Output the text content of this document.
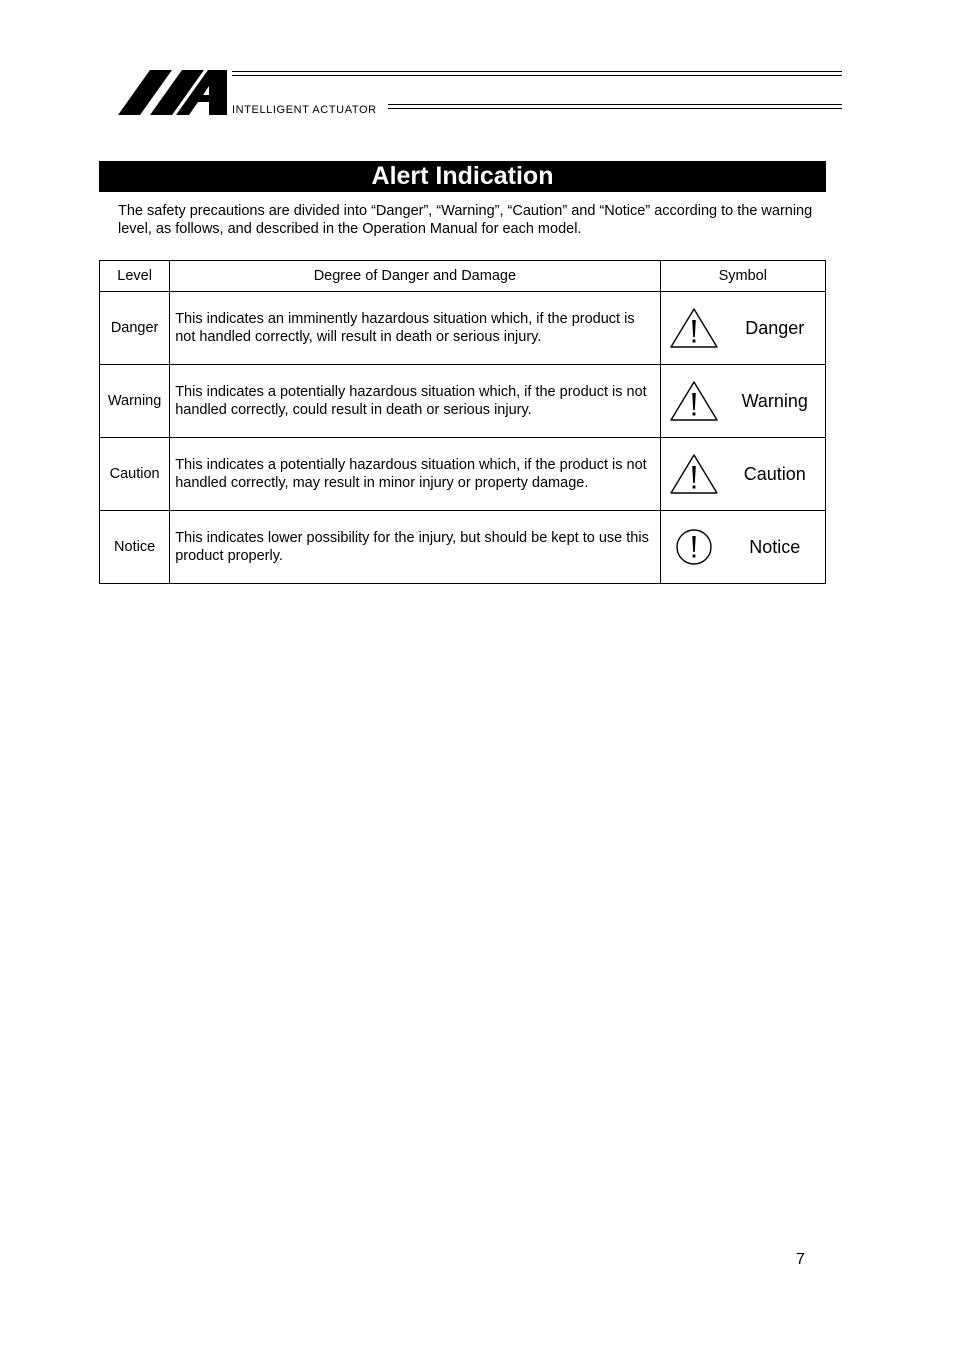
INTELLIGENT ACTUATOR
Alert Indication
The safety precautions are divided into “Danger”, “Warning”, “Caution” and “Notice” according to the warning level, as follows, and described in the Operation Manual for each model.
Level	Degree of Danger and Damage	Symbol
Danger	This indicates an imminently hazardous situation which, if the product is not handled correctly, will result in death or serious injury.	Danger

Warning	This indicates a potentially hazardous situation which, if the product is not handled correctly, could result in death or serious injury.	Warning

Caution	This indicates a potentially hazardous situation which, if the product is not handled correctly, may result in minor injury or property damage.	Caution

Notice	This indicates lower possibility for the injury, but should be kept to use this product properly.	Notice
7
